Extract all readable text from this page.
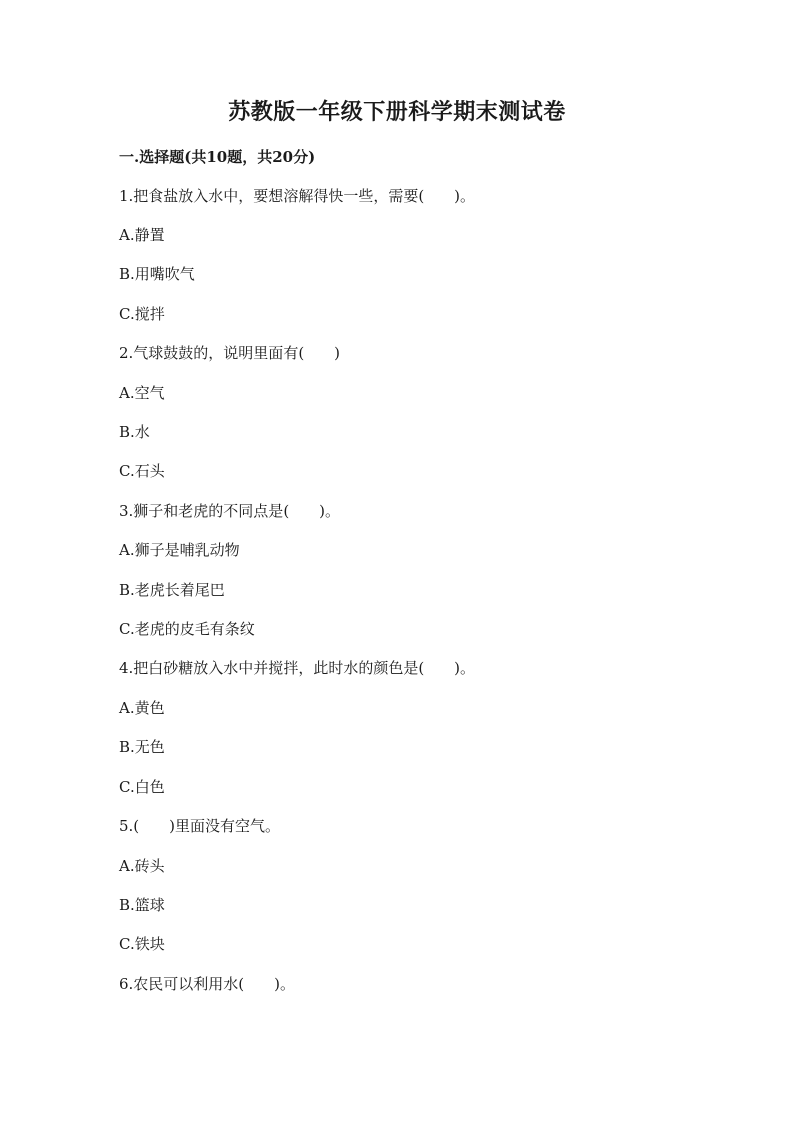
苏教版一年级下册科学期末测试卷
一.选择题(共10题，共20分)
1.把食盐放入水中，要想溶解得快一些，需要(　　)。
A.静置
B.用嘴吹气
C.搅拌
2.气球鼓鼓的，说明里面有(　　)
A.空气
B.水
C.石头
3.狮子和老虎的不同点是(　　)。
A.狮子是哺乳动物
B.老虎长着尾巴
C.老虎的皮毛有条纹
4.把白砂糖放入水中并搅拌，此时水的颜色是(　　)。
A.黄色
B.无色
C.白色
5.(　　)里面没有空气。
A.砖头
B.篮球
C.铁块
6.农民可以利用水(　　)。
